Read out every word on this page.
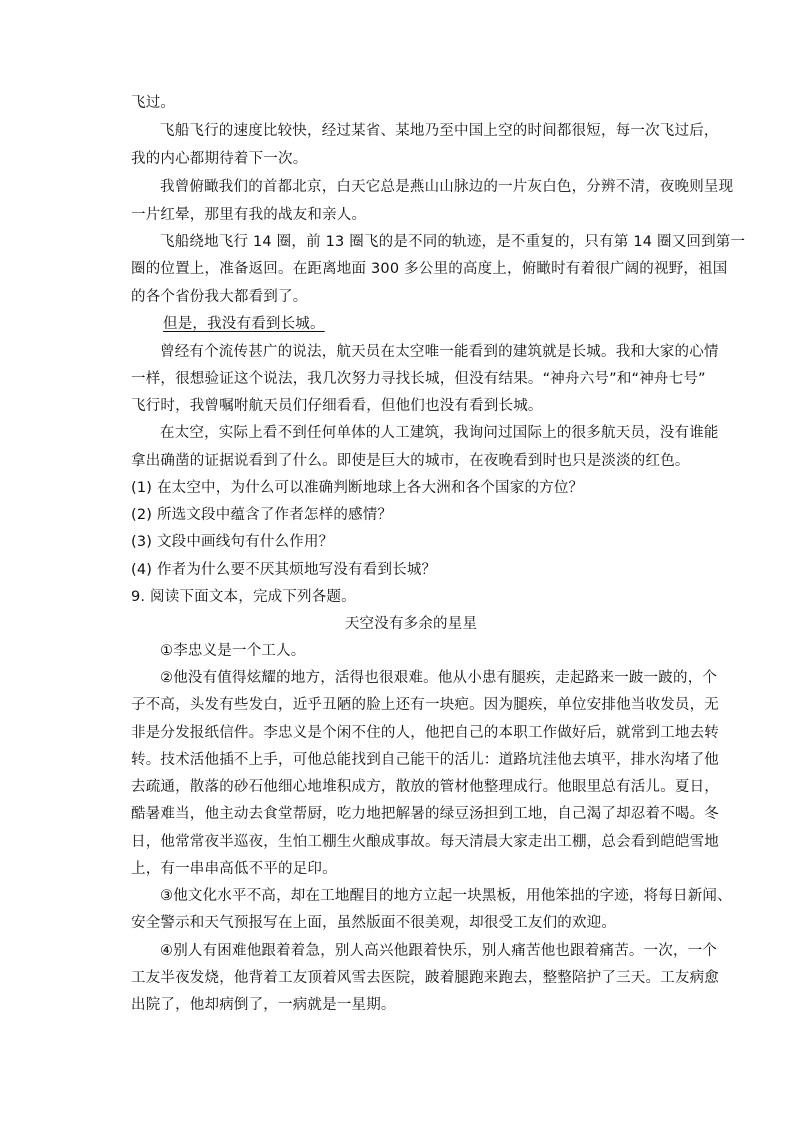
飞过。
飞船飞行的速度比较快，经过某省、某地乃至中国上空的时间都很短，每一次飞过后，
我的内心都期待着下一次。
我曾俯瞰我们的首都北京，白天它总是燕山山脉边的一片灰白色，分辨不清，夜晚则呈现
一片红晕，那里有我的战友和亲人。
飞船绕地飞行 14 圈，前 13 圈飞的是不同的轨迹，是不重复的，只有第 14 圈又回到第一
圈的位置上，准备返回。在距离地面 300 多公里的高度上，俯瞰时有着很广阔的视野，祖国
的各个省份我大都看到了。
但是，我没有看到长城。
曾经有个流传甚广的说法，航天员在太空唯一能看到的建筑就是长城。我和大家的心情
一样，很想验证这个说法，我几次努力寻找长城，但没有结果。“神舟六号”和“神舟七号”
飞行时，我曾嘱咐航天员们仔细看看，但他们也没有看到长城。
在太空，实际上看不到任何单体的人工建筑，我询问过国际上的很多航天员，没有谁能
拿出确凿的证据说看到了什么。即使是巨大的城市，在夜晚看到时也只是淡淡的红色。
(1) 在太空中，为什么可以准确判断地球上各大洲和各个国家的方位？
(2) 所选文段中蕴含了作者怎样的感情？
(3) 文段中画线句有什么作用？
(4) 作者为什么要不厌其烦地写没有看到长城？
9. 阅读下面文本，完成下列各题。
天空没有多余的星星
①李忠义是一个工人。
②他没有值得炫耀的地方，活得也很艰难。他从小患有腿疾，走起路来一跛一跛的，个
子不高，头发有些发白，近乎丑陋的脸上还有一块疤。因为腿疾，单位安排他当收发员，无
非是分发报纸信件。李忠义是个闲不住的人，他把自己的本职工作做好后，就常到工地去转
转。技术活他插不上手，可他总能找到自己能干的活儿：道路坑洼他去填平，排水沟堵了他
去疏通，散落的砂石他细心地堆积成方，散放的管材他整理成行。他眼里总有活儿。夏日，
酷暑难当，他主动去食堂帮厨，吃力地把解暑的绿豆汤担到工地，自己渴了却忍着不喝。冬
日，他常常夜半巡夜，生怕工棚生火酿成事故。每天清晨大家走出工棚，总会看到皑皑雪地
上，有一串串高低不平的足印。
③他文化水平不高，却在工地醒目的地方立起一块黑板，用他笨拙的字迹，将每日新闻、
安全警示和天气预报写在上面，虽然版面不很美观，却很受工友们的欢迎。
④别人有困难他跟着着急，别人高兴他跟着快乐，别人痛苦他也跟着痛苦。一次，一个
工友半夜发烧，他背着工友顶着风雪去医院，跛着腿跑来跑去，整整陪护了三天。工友病愈
出院了，他却病倒了，一病就是一星期。
